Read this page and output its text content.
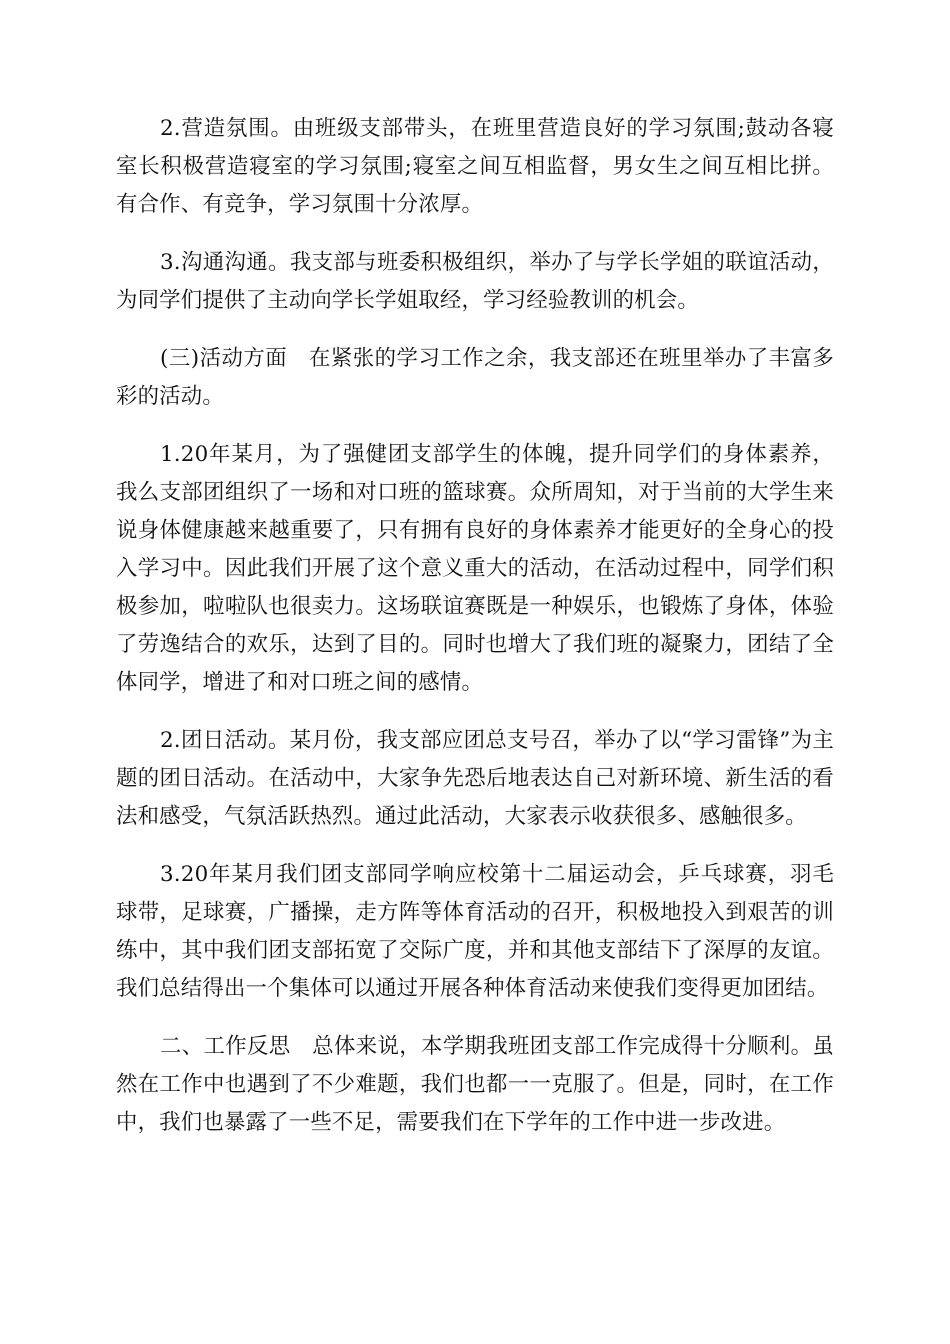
2.营造氛围。由班级支部带头，在班里营造良好的学习氛围;鼓动各寝室长积极营造寝室的学习氛围;寝室之间互相监督，男女生之间互相比拼。有合作、有竞争，学习氛围十分浓厚。

3.沟通沟通。我支部与班委积极组织，举办了与学长学姐的联谊活动，为同学们提供了主动向学长学姐取经，学习经验教训的机会。

(三)活动方面　在紧张的学习工作之余，我支部还在班里举办了丰富多彩的活动。

1.20年某月，为了强健团支部学生的体魄，提升同学们的身体素养，我么支部团组织了一场和对口班的篮球赛。众所周知，对于当前的大学生来说身体健康越来越重要了，只有拥有良好的身体素养才能更好的全身心的投入学习中。因此我们开展了这个意义重大的活动，在活动过程中，同学们积极参加，啦啦队也很卖力。这场联谊赛既是一种娱乐，也锻炼了身体，体验了劳逸结合的欢乐，达到了目的。同时也增大了我们班的凝聚力，团结了全体同学，增进了和对口班之间的感情。

2.团日活动。某月份，我支部应团总支号召，举办了以“学习雷锋”为主题的团日活动。在活动中，大家争先恐后地表达自己对新环境、新生活的看法和感受，气氛活跃热烈。通过此活动，大家表示收获很多、感触很多。

3.20年某月我们团支部同学响应校第十二届运动会，乒乓球赛，羽毛球带，足球赛，广播操，走方阵等体育活动的召开，积极地投入到艰苦的训练中，其中我们团支部拓宽了交际广度，并和其他支部结下了深厚的友谊。我们总结得出一个集体可以通过开展各种体育活动来使我们变得更加团结。

二、工作反思　总体来说，本学期我班团支部工作完成得十分顺利。虽然在工作中也遇到了不少难题，我们也都一一克服了。但是，同时，在工作中，我们也暴露了一些不足，需要我们在下学年的工作中进一步改进。
